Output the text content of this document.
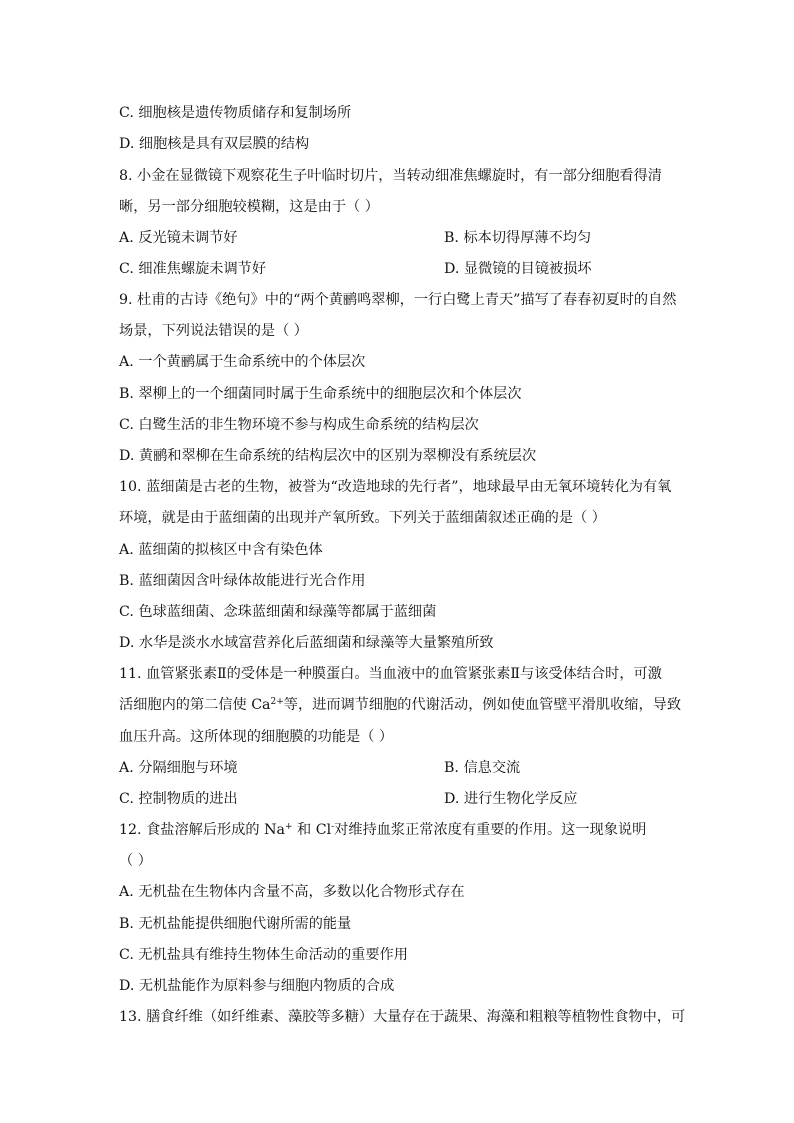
C. 细胞核是遗传物质储存和复制场所
D. 细胞核是具有双层膜的结构
8. 小金在显微镜下观察花生子叶临时切片，当转动细准焦螺旋时，有一部分细胞看得清
晰，另一部分细胞较模糊，这是由于（ ）
A. 反光镜未调节好	B. 标本切得厚薄不均匀
C. 细准焦螺旋未调节好	D. 显微镜的目镜被损坏
9. 杜甫的古诗《绝句》中的“两个黄鹂鸣翠柳，一行白鹭上青天”描写了春春初夏时的自然
场景，下列说法错误的是（ ）
A. 一个黄鹂属于生命系统中的个体层次
B. 翠柳上的一个细菌同时属于生命系统中的细胞层次和个体层次
C. 白鹭生活的非生物环境不参与构成生命系统的结构层次
D. 黄鹂和翠柳在生命系统的结构层次中的区别为翠柳没有系统层次
10. 蓝细菌是古老的生物，被誉为“改造地球的先行者”，地球最早由无氧环境转化为有氧
环境，就是由于蓝细菌的出现并产氧所致。下列关于蓝细菌叙述正确的是（ ）
A. 蓝细菌的拟核区中含有染色体
B. 蓝细菌因含叶绿体故能进行光合作用
C. 色球蓝细菌、念珠蓝细菌和绿藻等都属于蓝细菌
D. 水华是淡水水域富营养化后蓝细菌和绿藻等大量繁殖所致
11. 血管紧张素Ⅱ的受体是一种膜蛋白。当血液中的血管紧张素Ⅱ与该受体结合时，可激
活细胞内的第二信使 $Ca^{2+}$等，进而调节细胞的代谢活动，例如使血管壁平滑肌收缩，导致
血压升高。这所体现的细胞膜的功能是（ ）
A. 分隔细胞与环境	B. 信息交流
C. 控制物质的进出	D. 进行生物化学反应
12. 食盐溶解后形成的 Na+ 和 Cl-对维持血浆正常浓度有重要的作用。这一现象说明
（ ）
A. 无机盐在生物体内含量不高，多数以化合物形式存在
B. 无机盐能提供细胞代谢所需的能量
C. 无机盐具有维持生物体生命活动的重要作用
D. 无机盐能作为原料参与细胞内物质的合成
13. 膳食纤维（如纤维素、藻胶等多糖）大量存在于蔬果、海藻和粗粮等植物性食物中，可
